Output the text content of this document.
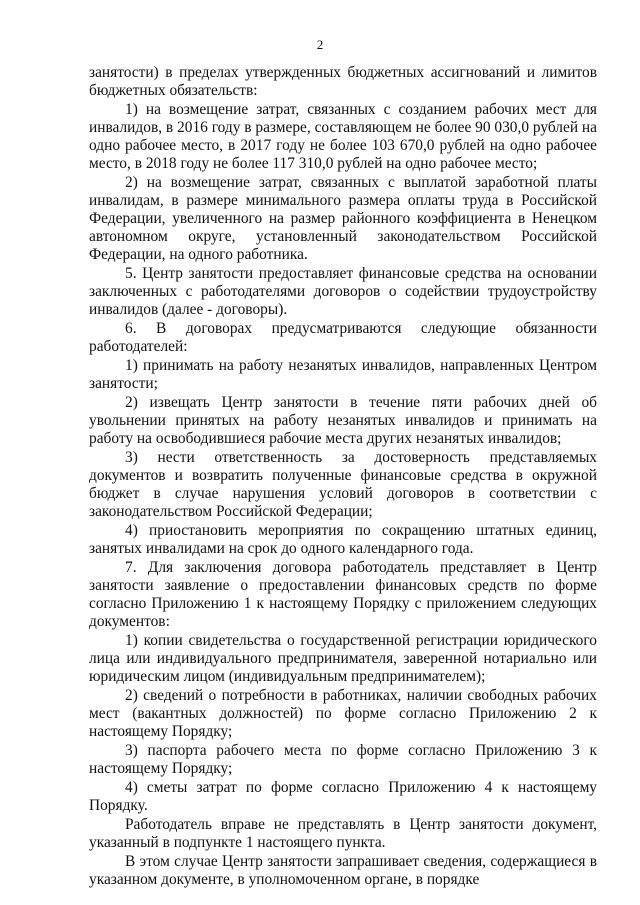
2

занятости) в пределах утвержденных бюджетных ассигнований и лимитов бюджетных обязательств:

1) на возмещение затрат, связанных с созданием рабочих мест для инвалидов, в 2016 году в размере, составляющем не более 90 030,0 рублей на одно рабочее место, в 2017 году не более 103 670,0 рублей на одно рабочее место, в 2018 году не более 117 310,0 рублей на одно рабочее место;

2) на возмещение затрат, связанных с выплатой заработной платы инвалидам, в размере минимального размера оплаты труда в Российской Федерации, увеличенного на размер районного коэффициента в Ненецком автономном округе, установленный законодательством Российской Федерации, на одного работника.

5. Центр занятости предоставляет финансовые средства на основании заключенных с работодателями договоров о содействии трудоустройству инвалидов (далее - договоры).

6. В договорах предусматриваются следующие обязанности работодателей:

1) принимать на работу незанятых инвалидов, направленных Центром занятости;

2) извещать Центр занятости в течение пяти рабочих дней об увольнении принятых на работу незанятых инвалидов и принимать на работу на освободившиеся рабочие места других незанятых инвалидов;

3) нести ответственность за достоверность представляемых документов и возвратить полученные финансовые средства в окружной бюджет в случае нарушения условий договоров в соответствии с законодательством Российской Федерации;

4) приостановить мероприятия по сокращению штатных единиц, занятых инвалидами на срок до одного календарного года.

7. Для заключения договора работодатель представляет в Центр занятости заявление о предоставлении финансовых средств по форме согласно Приложению 1 к настоящему Порядку с приложением следующих документов:

1) копии свидетельства о государственной регистрации юридического лица или индивидуального предпринимателя, заверенной нотариально или юридическим лицом (индивидуальным предпринимателем);

2) сведений о потребности в работниках, наличии свободных рабочих мест (вакантных должностей) по форме согласно Приложению 2 к настоящему Порядку;

3) паспорта рабочего места по форме согласно Приложению 3 к настоящему Порядку;

4) сметы затрат по форме согласно Приложению 4 к настоящему Порядку.

Работодатель вправе не представлять в Центр занятости документ, указанный в подпункте 1 настоящего пункта.

В этом случае Центр занятости запрашивает сведения, содержащиеся в указанном документе, в уполномоченном органе, в порядке
